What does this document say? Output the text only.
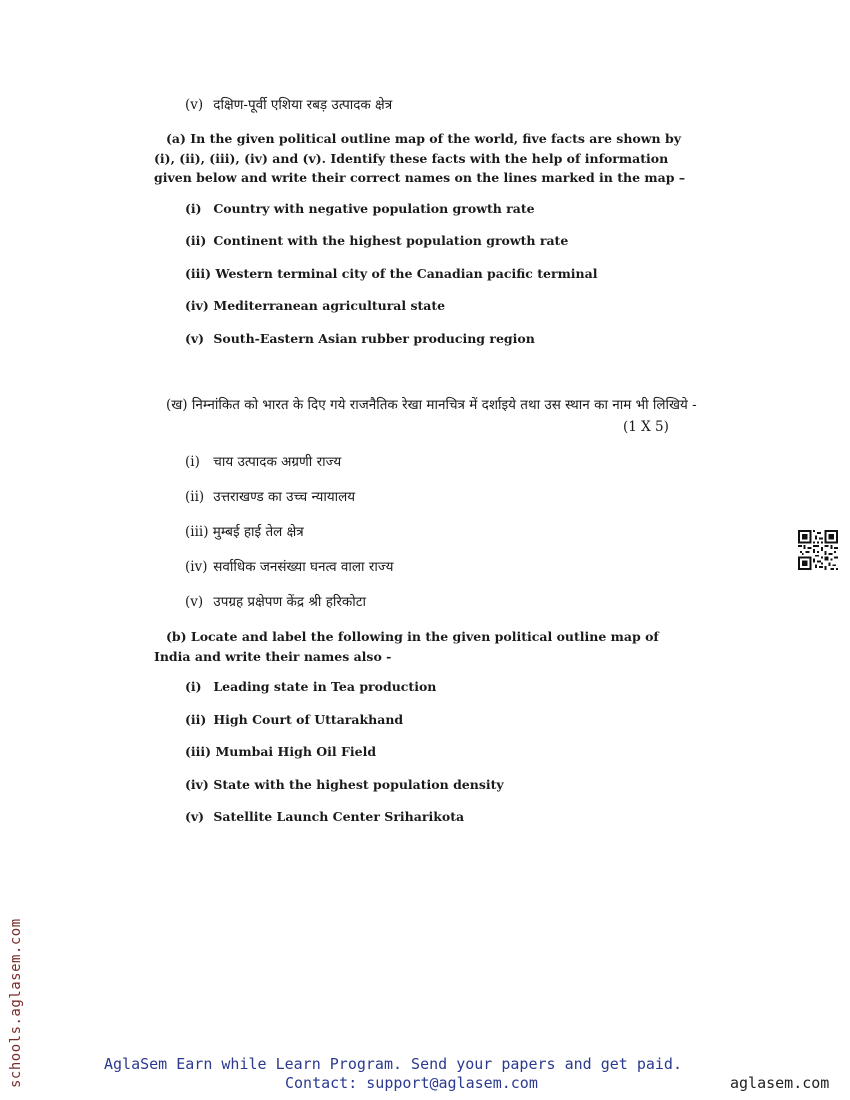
(v) दक्षिण-पूर्वी एशिया रबड़ उत्पादक क्षेत्र
(a) In the given political outline map of the world, five facts are shown by (i), (ii), (iii), (iv) and (v). Identify these facts with the help of information given below and write their correct names on the lines marked in the map –
(i) Country with negative population growth rate
(ii) Continent with the highest population growth rate
(iii) Western terminal city of the Canadian pacific terminal
(iv) Mediterranean agricultural state
(v) South-Eastern Asian rubber producing region
(ख) निम्नांकित को भारत के दिए गये राजनैतिक रेखा मानचित्र में दर्शाइये तथा उस स्थान का नाम भी लिखिये -
(1 X 5)
(i) चाय उत्पादक अग्रणी राज्य
(ii) उत्तराखण्ड का उच्च न्यायालय
(iii) मुम्बई हाई तेल क्षेत्र
(iv) सर्वाधिक जनसंख्या घनत्व वाला राज्य
(v) उपग्रह प्रक्षेपण केंद्र श्री हरिकोटा
(b) Locate and label the following in the given political outline map of India and write their names also -
(i) Leading state in Tea production
(ii) High Court of Uttarakhand
(iii) Mumbai High Oil Field
(iv) State with the highest population density
(v) Satellite Launch Center Sriharikota
schools.aglasem.com	AglaSem Earn while Learn Program. Send your papers and get paid.
Contact: support@aglasem.com	aglasem.com
